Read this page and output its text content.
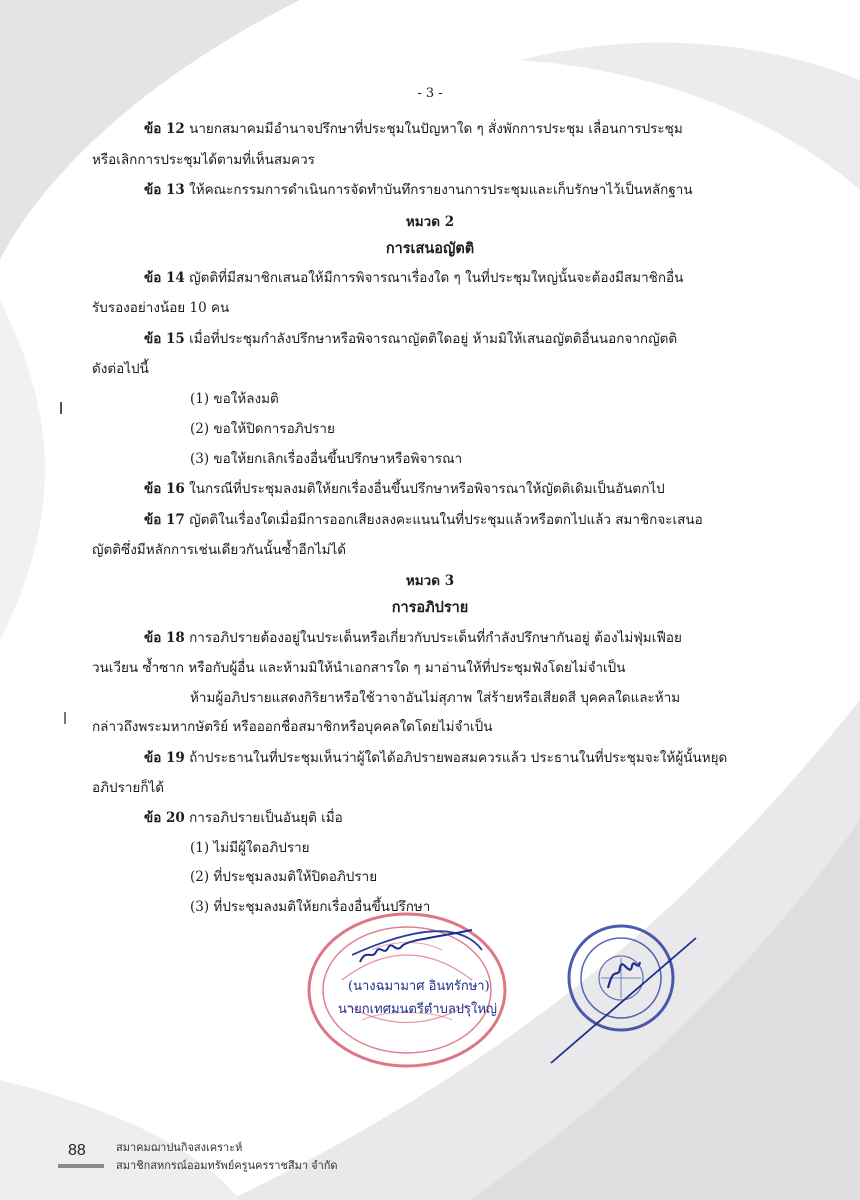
- 3 -
ข้อ 12 นายกสมาคมมีอำนาจปรึกษาที่ประชุมในปัญหาใด ๆ สั่งพักการประชุม เลื่อนการประชุม
หรือเลิกการประชุมได้ตามที่เห็นสมควร
ข้อ 13 ให้คณะกรรมการดำเนินการจัดทำบันทึกรายงานการประชุมและเก็บรักษาไว้เป็นหลักฐาน
หมวด 2
การเสนอญัตติ
ข้อ 14 ญัตติที่มีสมาชิกเสนอให้มีการพิจารณาเรื่องใด ๆ ในที่ประชุมใหญ่นั้นจะต้องมีสมาชิกอื่น
รับรองอย่างน้อย 10 คน
ข้อ 15 เมื่อที่ประชุมกำลังปรึกษาหรือพิจารณาญัตติใดอยู่ ห้ามมิให้เสนอญัตติอื่นนอกจากญัตติ
ดังต่อไปนี้
(1) ขอให้ลงมติ
(2) ขอให้ปิดการอภิปราย
(3) ขอให้ยกเลิกเรื่องอื่นขึ้นปรึกษาหรือพิจารณา
ข้อ 16 ในกรณีที่ประชุมลงมติให้ยกเรื่องอื่นขึ้นปรึกษาหรือพิจารณาให้ญัตติเดิมเป็นอันตกไป
ข้อ 17 ญัตติในเรื่องใดเมื่อมีการออกเสียงลงคะแนนในที่ประชุมแล้วหรือตกไปแล้ว สมาชิกจะเสนอ
ญัตติซึ่งมีหลักการเช่นเดียวกันนั้นซ้ำอีกไม่ได้
หมวด 3
การอภิปราย
ข้อ 18 การอภิปรายต้องอยู่ในประเด็นหรือเกี่ยวกับประเด็นที่กำลังปรึกษากันอยู่ ต้องไม่ฟุ่มเฟือย
วนเวียน ซ้ำซาก หรือกับผู้อื่น และห้ามมิให้นำเอกสารใด ๆ มาอ่านให้ที่ประชุมฟังโดยไม่จำเป็น
ห้ามผู้อภิปรายแสดงกิริยาหรือใช้วาจาอันไม่สุภาพ ใส่ร้ายหรือเสียดสี บุคคลใดและห้าม
กล่าวถึงพระมหากษัตริย์ หรือออกชื่อสมาชิกหรือบุคคลใดโดยไม่จำเป็น
ข้อ 19 ถ้าประธานในที่ประชุมเห็นว่าผู้ใดได้อภิปรายพอสมควรแล้ว ประธานในที่ประชุมจะให้ผู้นั้นหยุด
อภิปรายก็ได้
ข้อ 20 การอภิปรายเป็นอันยุติ เมื่อ
(1) ไม่มีผู้ใดอภิปราย
(2) ที่ประชุมลงมติให้ปิดอภิปราย
(3) ที่ประชุมลงมติให้ยกเรื่องอื่นขึ้นปรึกษา
(นางฉมามาศ อินทรักษา)
นายกเทศมนตรีตำบลปรุใหญ่
88	สมาคมฌาปนกิจสงเคราะห์
สมาชิกสหกรณ์ออมทรัพย์ครูนครราชสีมา จำกัด
